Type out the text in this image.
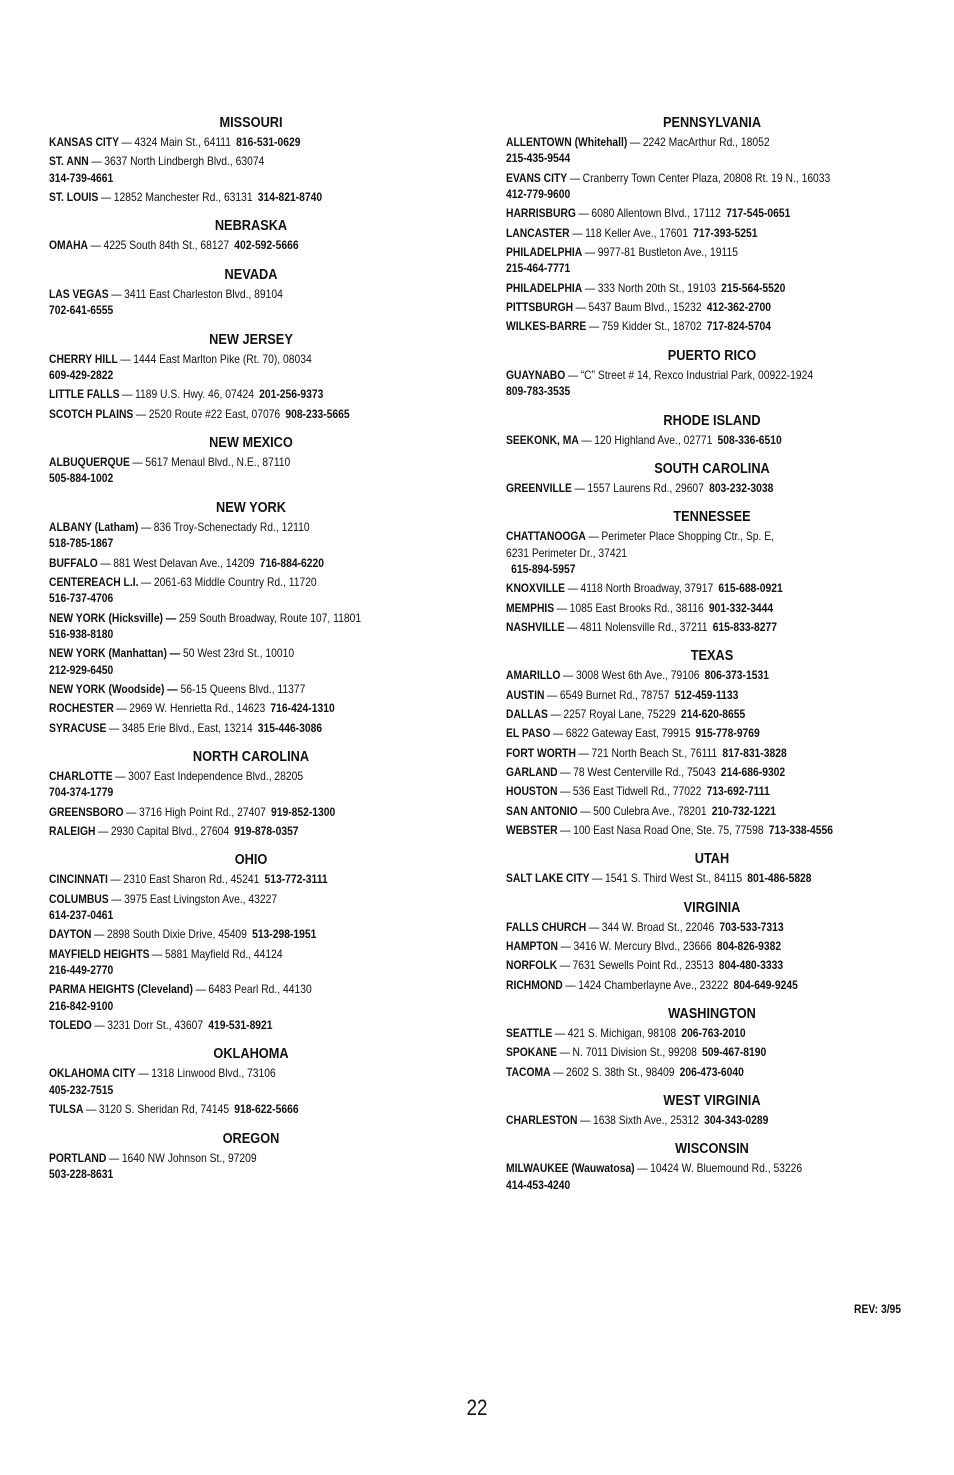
MISSOURI
KANSAS CITY — 4324 Main St., 64111 816-531-0629
ST. ANN — 3637 North Lindbergh Blvd., 63074
314-739-4661
ST. LOUIS — 12852 Manchester Rd., 63131 314-821-8740
NEBRASKA
OMAHA — 4225 South 84th St., 68127 402-592-5666
NEVADA
LAS VEGAS — 3411 East Charleston Blvd., 89104
702-641-6555
NEW JERSEY
CHERRY HILL — 1444 East Marlton Pike (Rt. 70), 08034
609-429-2822
LITTLE FALLS — 1189 U.S. Hwy. 46, 07424 201-256-9373
SCOTCH PLAINS — 2520 Route #22 East, 07076 908-233-5665
NEW MEXICO
ALBUQUERQUE — 5617 Menaul Blvd., N.E., 87110
505-884-1002
NEW YORK
ALBANY (Latham) — 836 Troy-Schenectady Rd., 12110
518-785-1867
BUFFALO — 881 West Delavan Ave., 14209 716-884-6220
CENTEREACH L.I. — 2061-63 Middle Country Rd., 11720
516-737-4706
NEW YORK (Hicksville) — 259 South Broadway, Route 107, 11801
516-938-8180
NEW YORK (Manhattan) — 50 West 23rd St., 10010
212-929-6450
NEW YORK (Woodside) — 56-15 Queens Blvd., 11377
ROCHESTER — 2969 W. Henrietta Rd., 14623 716-424-1310
SYRACUSE — 3485 Erie Blvd., East, 13214 315-446-3086
NORTH CAROLINA
CHARLOTTE — 3007 East Independence Blvd., 28205
704-374-1779
GREENSBORO — 3716 High Point Rd., 27407 919-852-1300
RALEIGH — 2930 Capital Blvd., 27604 919-878-0357
OHIO
CINCINNATI — 2310 East Sharon Rd., 45241 513-772-3111
COLUMBUS — 3975 East Livingston Ave., 43227
614-237-0461
DAYTON — 2898 South Dixie Drive, 45409 513-298-1951
MAYFIELD HEIGHTS — 5881 Mayfield Rd., 44124
216-449-2770
PARMA HEIGHTS (Cleveland) — 6483 Pearl Rd., 44130
216-842-9100
TOLEDO — 3231 Dorr St., 43607 419-531-8921
OKLAHOMA
OKLAHOMA CITY — 1318 Linwood Blvd., 73106
405-232-7515
TULSA — 3120 S. Sheridan Rd, 74145 918-622-5666
OREGON
PORTLAND — 1640 NW Johnson St., 97209
503-228-8631
PENNSYLVANIA
ALLENTOWN (Whitehall) — 2242 MacArthur Rd., 18052
215-435-9544
EVANS CITY — Cranberry Town Center Plaza, 20808 Rt. 19 N., 16033
412-779-9600
HARRISBURG — 6080 Allentown Blvd., 17112 717-545-0651
LANCASTER — 118 Keller Ave., 17601 717-393-5251
PHILADELPHIA — 9977-81 Bustleton Ave., 19115
215-464-7771
PHILADELPHIA — 333 North 20th St., 19103 215-564-5520
PITTSBURGH — 5437 Baum Blvd., 15232 412-362-2700
WILKES-BARRE — 759 Kidder St., 18702 717-824-5704
PUERTO RICO
GUAYNABO — “C” Street # 14, Rexco Industrial Park, 00922-1924
809-783-3535
RHODE ISLAND
SEEKONK, MA — 120 Highland Ave., 02771 508-336-6510
SOUTH CAROLINA
GREENVILLE — 1557 Laurens Rd., 29607 803-232-3038
TENNESSEE
CHATTANOOGA — Perimeter Place Shopping Ctr., Sp. E,
6231 Perimeter Dr., 37421
615-894-5957
KNOXVILLE — 4118 North Broadway, 37917 615-688-0921
MEMPHIS — 1085 East Brooks Rd., 38116 901-332-3444
NASHVILLE — 4811 Nolensville Rd., 37211 615-833-8277
TEXAS
AMARILLO — 3008 West 6th Ave., 79106 806-373-1531
AUSTIN — 6549 Burnet Rd., 78757 512-459-1133
DALLAS — 2257 Royal Lane, 75229 214-620-8655
EL PASO — 6822 Gateway East, 79915 915-778-9769
FORT WORTH — 721 North Beach St., 76111 817-831-3828
GARLAND — 78 West Centerville Rd., 75043 214-686-9302
HOUSTON — 536 East Tidwell Rd., 77022 713-692-7111
SAN ANTONIO — 500 Culebra Ave., 78201 210-732-1221
WEBSTER — 100 East Nasa Road One, Ste. 75, 77598 713-338-4556
UTAH
SALT LAKE CITY — 1541 S. Third West St., 84115 801-486-5828
VIRGINIA
FALLS CHURCH — 344 W. Broad St., 22046 703-533-7313
HAMPTON — 3416 W. Mercury Blvd., 23666 804-826-9382
NORFOLK — 7631 Sewells Point Rd., 23513 804-480-3333
RICHMOND — 1424 Chamberlayne Ave., 23222 804-649-9245
WASHINGTON
SEATTLE — 421 S. Michigan, 98108 206-763-2010
SPOKANE — N. 7011 Division St., 99208 509-467-8190
TACOMA — 2602 S. 38th St., 98409 206-473-6040
WEST VIRGINIA
CHARLESTON — 1638 Sixth Ave., 25312 304-343-0289
WISCONSIN
MILWAUKEE (Wauwatosa) — 10424 W. Bluemound Rd., 53226
414-453-4240
REV: 3/95
22
